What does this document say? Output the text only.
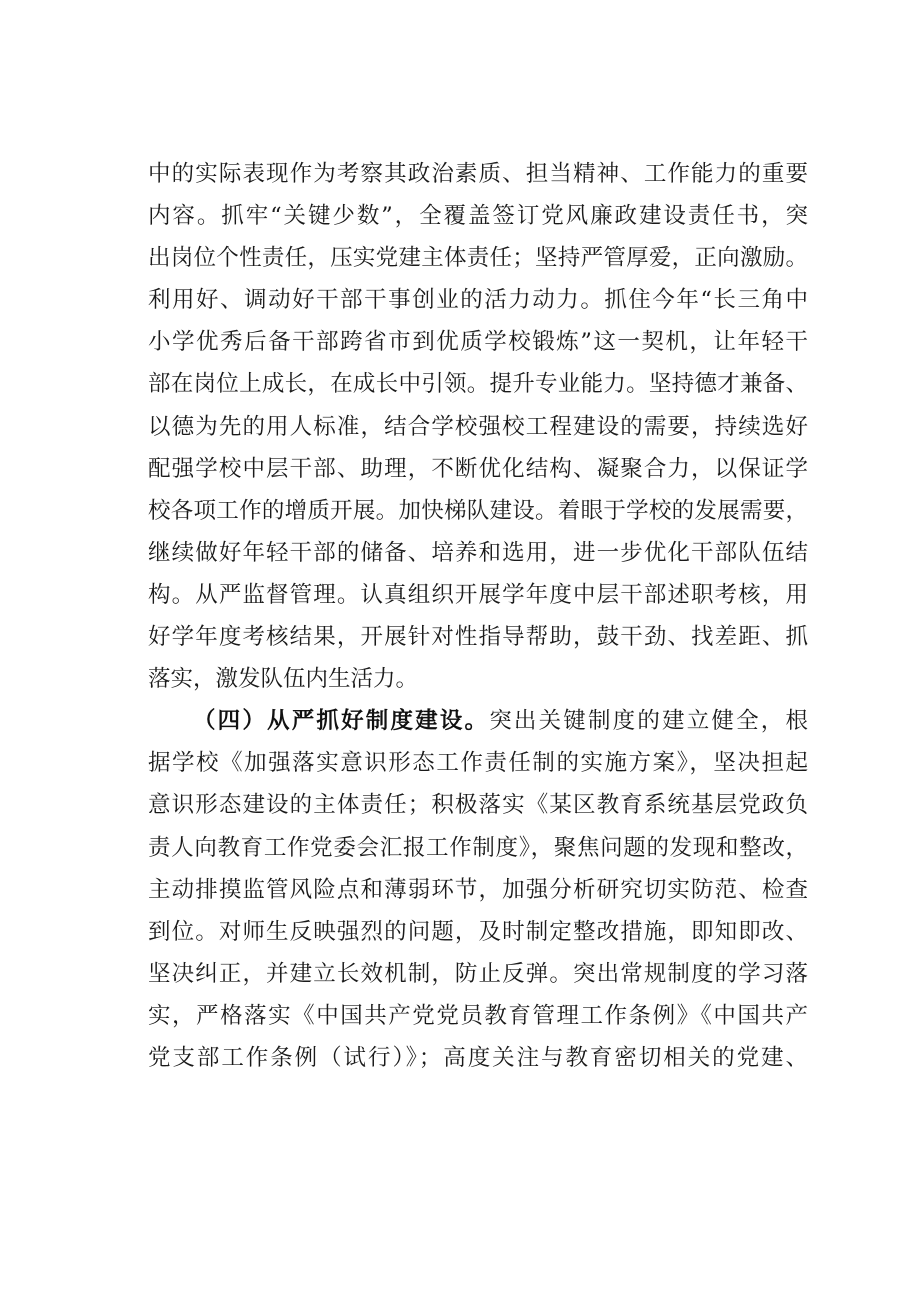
中的实际表现作为考察其政治素质、担当精神、工作能力的重要
内容。抓牢“关键少数”，全覆盖签订党风廉政建设责任书，突
出岗位个性责任，压实党建主体责任；坚持严管厚爱，正向激励。
利用好、调动好干部干事创业的活力动力。抓住今年“长三角中
小学优秀后备干部跨省市到优质学校锻炼”这一契机，让年轻干
部在岗位上成长，在成长中引领。提升专业能力。坚持德才兼备、
以德为先的用人标准，结合学校强校工程建设的需要，持续选好
配强学校中层干部、助理，不断优化结构、凝聚合力，以保证学
校各项工作的增质开展。加快梯队建设。着眼于学校的发展需要，
继续做好年轻干部的储备、培养和选用，进一步优化干部队伍结
构。从严监督管理。认真组织开展学年度中层干部述职考核，用
好学年度考核结果，开展针对性指导帮助，鼓干劲、找差距、抓
落实，激发队伍内生活力。
（四）从严抓好制度建设。突出关键制度的建立健全，根
据学校《加强落实意识形态工作责任制的实施方案》，坚决担起
意识形态建设的主体责任；积极落实《某区教育系统基层党政负
责人向教育工作党委会汇报工作制度》，聚焦问题的发现和整改，
主动排摸监管风险点和薄弱环节，加强分析研究切实防范、检查
到位。对师生反映强烈的问题，及时制定整改措施，即知即改、
坚决纠正，并建立长效机制，防止反弹。突出常规制度的学习落
实，严格落实《中国共产党党员教育管理工作条例》《中国共产
党支部工作条例（试行）》；高度关注与教育密切相关的党建、
